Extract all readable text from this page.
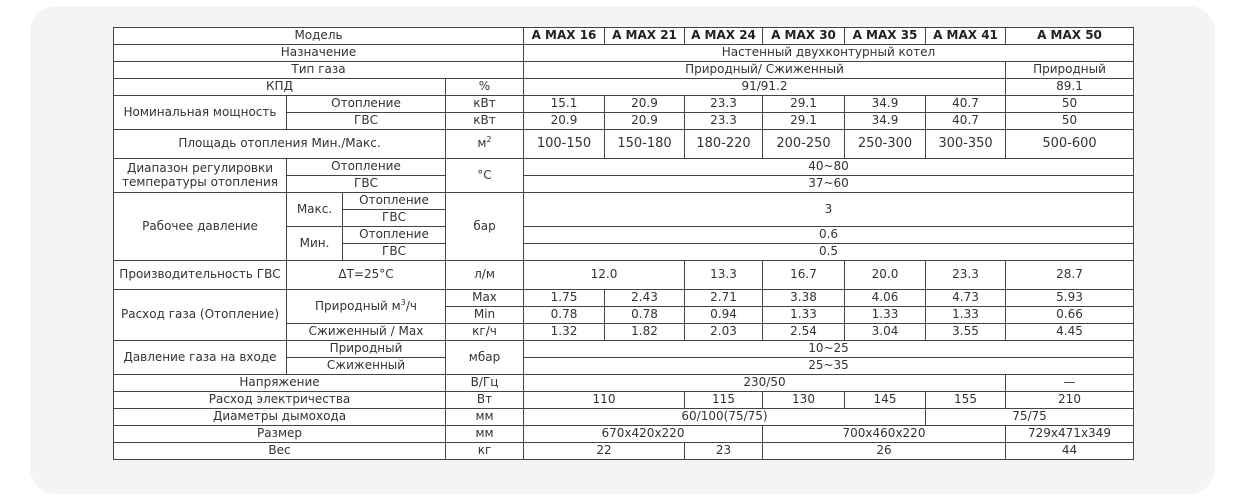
Модель				A MAX 16	A MAX 21	A MAX 24	A MAX 30	A MAX 35	A MAX 41	A MAX 50
Назначение				Настенный двухконтурный котел						
Тип газа				Природный/ Сжиженный						Природный
КПД			%	91/91.2						89.1
Номинальная мощность	Отопление		кВт	15.1	20.9	23.3	29.1	34.9	40.7	50
	ГВС		кВт	20.9	20.9	23.3	29.1	34.9	40.7	50
Площадь отопления Мин./Макс.			$м^2$	100-150	150-180	180-220	200-250	250-300	300-350	500-600
Диапазон регулировки температуры отопления	Отопление		°С	40~80						
	ГВС			37~60						
Рабочее давление	Макс.	Отопление	бар	3						
		ГВС								
	Мин.	Отопление		0.6						
		ГВС		0.5						
Производительность ГВС	ΔТ=25°С		л/м	12.0		13.3	16.7	20.0	23.3	28.7
Расход газа (Отопление)	Природный $м^3/ч$		Max	1.75	2.43	2.71	3.38	4.06	4.73	5.93
			Min	0.78	0.78	0.94	1.33	1.33	1.33	0.66
	Сжиженный / Max		кг/ч	1.32	1.82	2.03	2.54	3.04	3.55	4.45
Давление газа на входе	Природный		мбар	10~25						
	Сжиженный			25~35						
Напряжение			В/Гц	230/50						—
Расход электричества			Вт	110		115	130	145	155	210
Диаметры дымохода			мм	60/100(75/75)					75/75	
Размер			мм	670x420x220			700x460x220			729x471x349
Вес			кг	22		23	26			44
